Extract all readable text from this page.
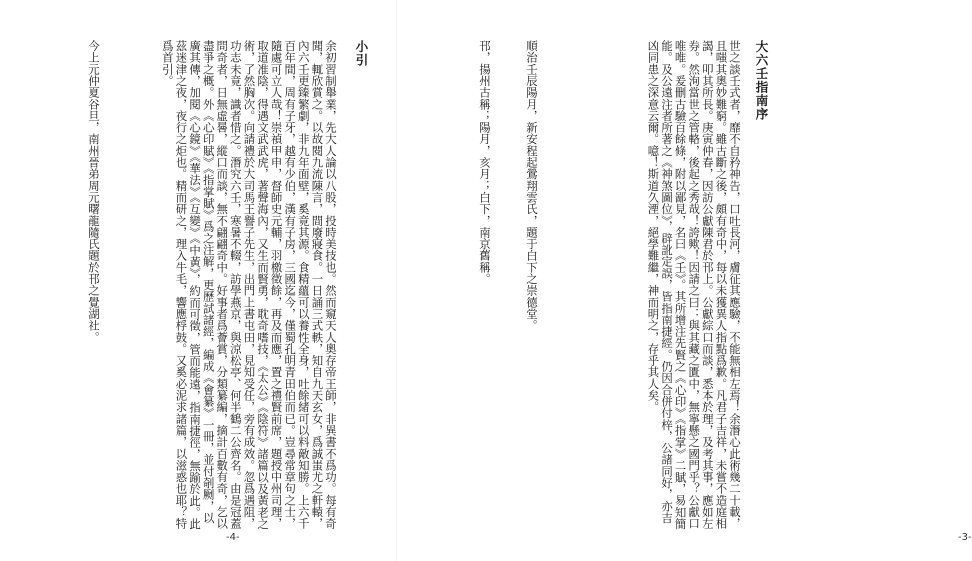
小引
余初習制舉業，先大人論以八股，投時美技也。然而窺天人奧存帝王師，非異書不爲功。每有奇聞，輒欣賞之。以故閱九流陳言，間廢寢食。一日誦三式軼，知自九天玄女，爲誠蚩尤之軒轅，內六壬更臻繁劇，非九年面壁，奚竟其源。食精蘊可以養性全身，吐餘緒可以料敵知勝。上六千百年間，周有子牙，越有少伯，漢有子房，三國迄今，僅蜀孔明青田伯而已。豈尋常章句之士，隨處可立人哉！崇禎甲申，督師史元輔，羽檄徵餘，再及而應，置之禮賢前席，題授中州司理，取道准陰，得遇文武武虎，著聲海內，又生而賢勇，耽奇嗜技，《太公》《陰符》諸篇以及黃老之術，了然胸次。向請禮於大司馬王譽子先生，出門上書屯田，見知受任，旁有成效。忽爲遇阻，功志未竟，識者惜之。潛究六壬，寒暑不輟，訪學燕京，與涼松亭、何半鶴二公齊名。由是冠蓋問奇者，日無虛晷，縱口而談，無不翩翩奇中。好事者爲薈賞，分類纂編，摘計百數有奇，乞以盡爭之概。外《心印賦》《指掌賦》爲之注解，更歷試諸經，編成《會纂》一冊，並付剞劂，以廣其傳，加閱《心鏡》《華法》《互變》《中黃》，約而可徵，管而能遠，指南捷徑，無踰於此。此茲迷津之夜，夜行之炬也。精而研之，理入牛毛，響應桴鼓。又奚必泥求諸篇，以滋惑也耶？特爲首引。
今上元仲夏谷旦，南州晉弟周元曙龍隨氏題於邗之覺湖社。
-4-
大六壬指南序
世之談壬式者，靡不自矜神告，口吐長河，膚征其應驗，不能無相左焉！余潛心此術幾二十載，且嗤其奧妙難窮。雖古斷之後，頗有奇中，每以未獲異人指點爲歉。凡君子吉祥，未嘗不造庭相謁，叩其所長。庚寅仲春，因訪公獻陳君於邗上。公獻綜口而談，悉本於理，及考其事，應如左券。然洵當世之管輅，後起之秀哉！誇歟！因請之曰：與其藏之匱中，無寧懸之國門乎？公獻口唯唯。爰刪古驗百餘條，附以鄙見，名曰《壬》。其所增注先賢之《心印》《指掌》二賦，易知簡能。及公遠注者所著之《神煞圖位》，辟訛定誤，皆指南捷經。仍因合併付梓，公諸同好，亦吉凶同患之深意云爾。噫！斯道久湮，絕學難繼，神而明之，存乎其人矣。
順治壬辰陽月，新安程起鶯翔雲氏，題于白下之崇德堂。
邗，揚州古稱；陽月，亥月；白下，南京舊稱。
-3-
